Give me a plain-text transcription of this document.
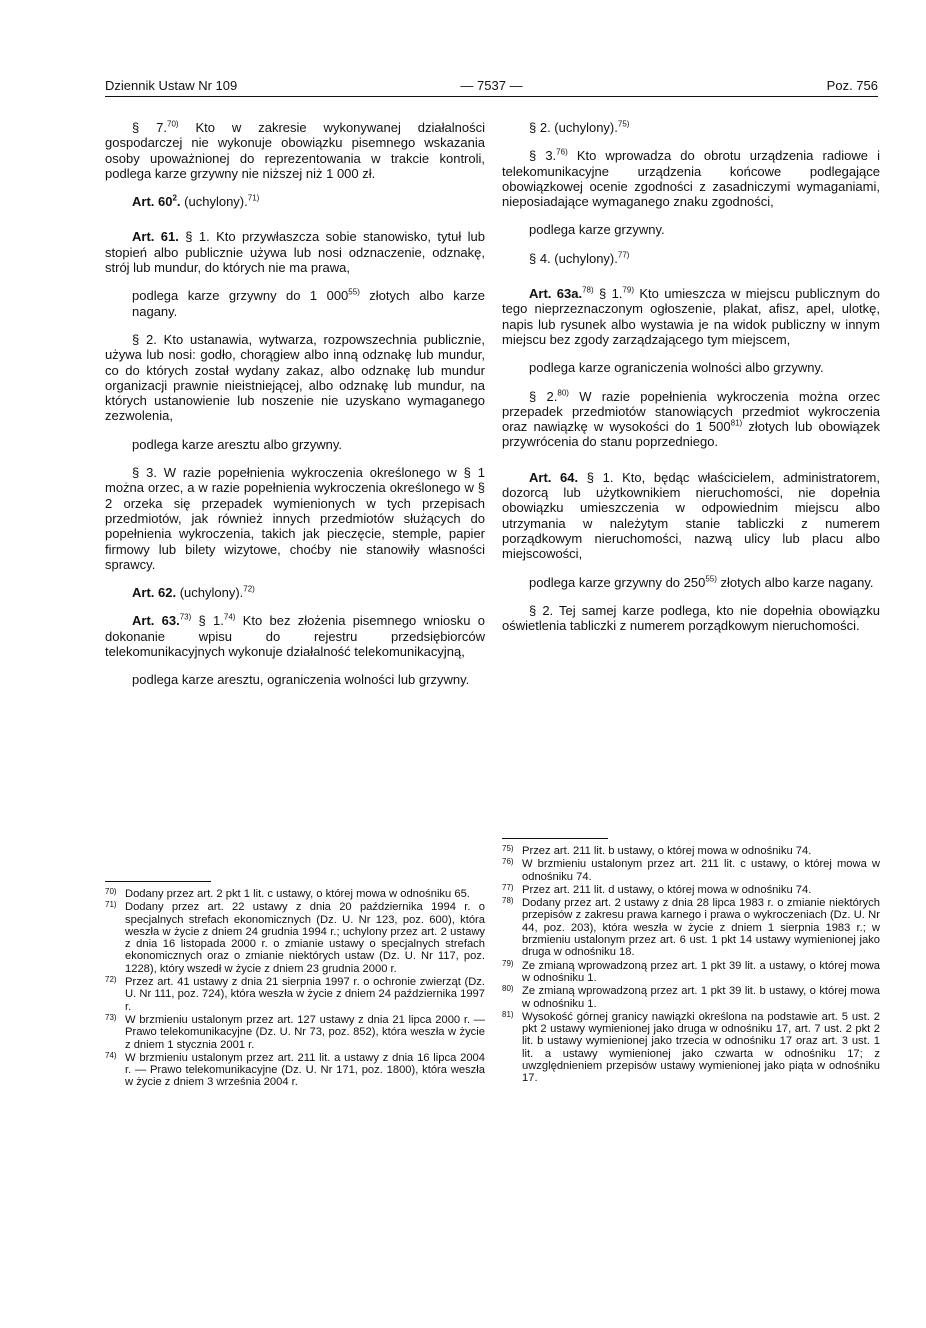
Dziennik Ustaw Nr 109	— 7537 —	Poz. 756

§ 7.$^{70)}$ Kto w zakresie wykonywanej działalności gospodarczej nie wykonuje obowiązku pisemnego wskazania osoby upoważnionej do reprezentowania w trakcie kontroli, podlega karze grzywny nie niższej niż 1 000 zł.

Art. $60^2$. (uchylony).$^{71)}$

Art. 61. § 1. Kto przywłaszcza sobie stanowisko, tytuł lub stopień albo publicznie używa lub nosi odznaczenie, odznakę, strój lub mundur, do których nie ma prawa,

podlega karze grzywny do 1 000$^{55)}$ złotych albo karze nagany.

§ 2. Kto ustanawia, wytwarza, rozpowszechnia publicznie, używa lub nosi: godło, chorągiew albo inną odznakę lub mundur, co do których został wydany zakaz, albo odznakę lub mundur organizacji prawnie nieistniejącej, albo odznakę lub mundur, na których ustanowienie lub noszenie nie uzyskano wymaganego zezwolenia,

podlega karze aresztu albo grzywny.

§ 3. W razie popełnienia wykroczenia określonego w § 1 można orzec, a w razie popełnienia wykroczenia określonego w § 2 orzeka się przepadek wymienionych w tych przepisach przedmiotów, jak również innych przedmiotów służących do popełnienia wykroczenia, takich jak pieczęcie, stemple, papier firmowy lub bilety wizytowe, choćby nie stanowiły własności sprawcy.

Art. 62. (uchylony).$^{72)}$

Art. 63.$^{73)}$ § 1.$^{74)}$ Kto bez złożenia pisemnego wniosku o dokonanie wpisu do rejestru przedsiębiorców telekomunikacyjnych wykonuje działalność telekomunikacyjną,

podlega karze aresztu, ograniczenia wolności lub grzywny.

§ 2. (uchylony).$^{75)}$

§ 3.$^{76)}$ Kto wprowadza do obrotu urządzenia radiowe i telekomunikacyjne urządzenia końcowe podlegające obowiązkowej ocenie zgodności z zasadniczymi wymaganiami, nieposiadające wymaganego znaku zgodności,

podlega karze grzywny.

§ 4. (uchylony).$^{77)}$

Art. 63a.$^{78)}$ § 1.$^{79)}$ Kto umieszcza w miejscu publicznym do tego nieprzeznaczonym ogłoszenie, plakat, afisz, apel, ulotkę, napis lub rysunek albo wystawia je na widok publiczny w innym miejscu bez zgody zarządzającego tym miejscem,

podlega karze ograniczenia wolności albo grzywny.

§ 2.$^{80)}$ W razie popełnienia wykroczenia można orzec przepadek przedmiotów stanowiących przedmiot wykroczenia oraz nawiązkę w wysokości do 1 500$^{81)}$ złotych lub obowiązek przywrócenia do stanu poprzedniego.

Art. 64. § 1. Kto, będąc właścicielem, administratorem, dozorcą lub użytkownikiem nieruchomości, nie dopełnia obowiązku umieszczenia w odpowiednim miejscu albo utrzymania w należytym stanie tabliczki z numerem porządkowym nieruchomości, nazwą ulicy lub placu albo miejscowości,

podlega karze grzywny do 250$^{55)}$ złotych albo karze nagany.

§ 2. Tej samej karze podlega, kto nie dopełnia obowiązku oświetlenia tabliczki z numerem porządkowym nieruchomości.

70) Dodany przez art. 2 pkt 1 lit. c ustawy, o której mowa w odnośniku 65.
71) Dodany przez art. 22 ustawy z dnia 20 października 1994 r. o specjalnych strefach ekonomicznych (Dz. U. Nr 123, poz. 600), która weszła w życie z dniem 24 grudnia 1994 r.; uchylony przez art. 2 ustawy z dnia 16 listopada 2000 r. o zmianie ustawy o specjalnych strefach ekonomicznych oraz o zmianie niektórych ustaw (Dz. U. Nr 117, poz. 1228), który wszedł w życie z dniem 23 grudnia 2000 r.
72) Przez art. 41 ustawy z dnia 21 sierpnia 1997 r. o ochronie zwierząt (Dz. U. Nr 111, poz. 724), która weszła w życie z dniem 24 października 1997 r.
73) W brzmieniu ustalonym przez art. 127 ustawy z dnia 21 lipca 2000 r. — Prawo telekomunikacyjne (Dz. U. Nr 73, poz. 852), która weszła w życie z dniem 1 stycznia 2001 r.
74) W brzmieniu ustalonym przez art. 211 lit. a ustawy z dnia 16 lipca 2004 r. — Prawo telekomunikacyjne (Dz. U. Nr 171, poz. 1800), która weszła w życie z dniem 3 września 2004 r.
75) Przez art. 211 lit. b ustawy, o której mowa w odnośniku 74.
76) W brzmieniu ustalonym przez art. 211 lit. c ustawy, o której mowa w odnośniku 74.
77) Przez art. 211 lit. d ustawy, o której mowa w odnośniku 74.
78) Dodany przez art. 2 ustawy z dnia 28 lipca 1983 r. o zmianie niektórych przepisów z zakresu prawa karnego i prawa o wykroczeniach (Dz. U. Nr 44, poz. 203), która weszła w życie z dniem 1 sierpnia 1983 r.; w brzmieniu ustalonym przez art. 6 ust. 1 pkt 14 ustawy wymienionej jako druga w odnośniku 18.
79) Ze zmianą wprowadzoną przez art. 1 pkt 39 lit. a ustawy, o której mowa w odnośniku 1.
80) Ze zmianą wprowadzoną przez art. 1 pkt 39 lit. b ustawy, o której mowa w odnośniku 1.
81) Wysokość górnej granicy nawiązki określona na podstawie art. 5 ust. 2 pkt 2 ustawy wymienionej jako druga w odnośniku 17, art. 7 ust. 2 pkt 2 lit. b ustawy wymienionej jako trzecia w odnośniku 17 oraz art. 3 ust. 1 lit. a ustawy wymienionej jako czwarta w odnośniku 17; z uwzględnieniem przepisów ustawy wymienionej jako piąta w odnośniku 17.
